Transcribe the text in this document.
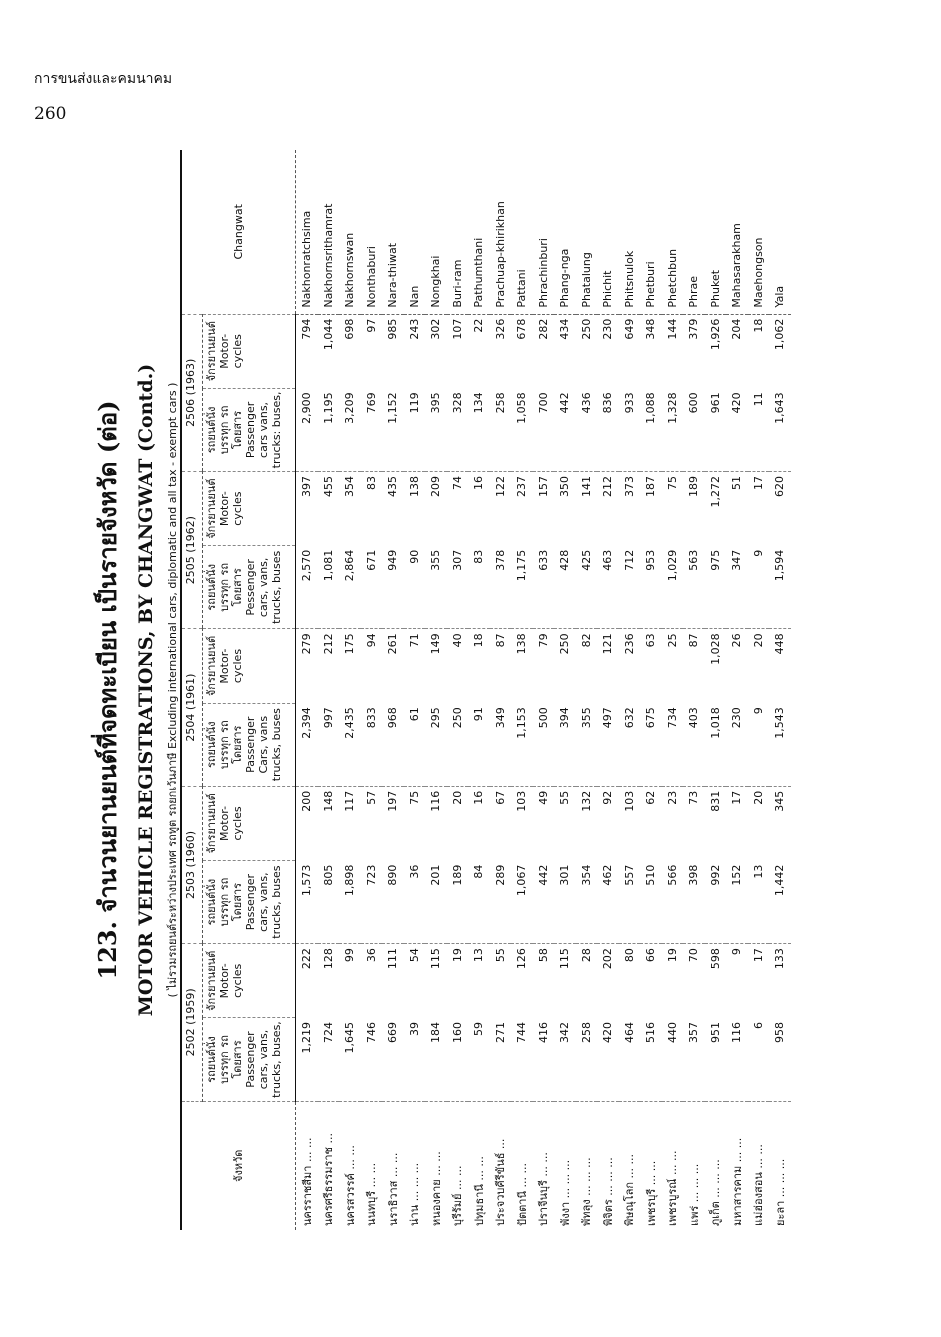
การขนส่งและคมนาคม
260
123. จำนวนยานยนต์ที่จดทะเบียน เป็นรายจังหวัด (ต่อ) MOTOR VEHICLE REGISTRATIONS, BY CHANGWAT (Contd.) ( ไม่รวมรถยนต์ระหว่างประเทศ รถทูต รถยกเว้นภาษี Excluding international cars, diplomatic and all tax - exempt cars )
จังหวัด	2502 (1959)		2503 (1960)		2504 (1961)		2505 (1962)		2506 (1963)		Changwat
	รถยนต์นั่ง บรรทุก รถโดยสาร Passenger cars, vans, trucks, buses,	จักรยานยนต์ Motor- cycles	รถยนต์นั่ง บรรทุก รถโดยสาร Passenger cars, vans, trucks, buses	จักรยานยนต์ Motor- cycles	รถยนต์นั่ง บรรทุก รถโดยสาร Passenger Cars, vans trucks, buses	จักรยานยนต์ Motor- cycles	รถยนต์นั่ง บรรทุก รถโดยสาร Pessenger cars, vans, trucks, buses	จักรยานยนต์ Motor- cycles	รถยนต์นั่ง บรรทุก รถโดยสาร Passenger cars vans, trucks: buses,	จักรยานยนต์ Motor- cycles	
นครราชสีมา ... ...	1,219	222	1,573	200	2,394	279	2,570	397	2,900	794	Nakhonratchsima
นครศรีธรรมราช ...	724	128	805	148	997	212	1,081	455	1,195	1,044	Nakhornsrithamrat
นครสวรรค์ ... ...	1,645	99	1,898	117	2,435	175	2,864	354	3,209	698	Nakhornswan
นนทบุรี ... ...	746	36	723	57	833	94	671	83	769	97	Nonthaburi
นราธิวาส ... ...	669	111	890	197	968	261	949	435	1,152	985	Nara-thiwat
น่าน ... ... ...	39	54	36	75	61	71	90	138	119	243	Nan
หนองคาย ... ...	184	115	201	116	295	149	355	209	395	302	Nongkhai
บุรีรัมย์ ... ...	160	19	189	20	250	40	307	74	328	107	Buri-ram
ปทุมธานี ... ...	59	13	84	16	91	18	83	16	134	22	Pathumthani
ประจวบคีรีขันธ์ ...	271	55	289	67	349	87	378	122	258	326	Prachuap-khirikhan
ปัตตานี ... ...	744	126	1,067	103	1,153	138	1,175	237	1,058	678	Pattani
ปราจีนบุรี ... ...	416	58	442	49	500	79	633	157	700	282	Phrachinburi
พังงา ... ... ...	342	115	301	55	394	250	428	350	442	434	Phang-nga
พัทลุง ... ... ...	258	28	354	132	355	82	425	141	436	250	Phatalung
พิจิตร ... ... ...	420	202	462	92	497	121	463	212	836	230	Phichit
พิษณุโลก ... ...	464	80	557	103	632	236	712	373	933	649	Phitsnulok
เพชรบุรี ... ...	516	66	510	62	675	63	953	187	1,088	348	Phetburi
เพชรบูรณ์ ... ...	440	19	566	23	734	25	1,029	75	1,328	144	Phetchbun
แพร่ ... ... ...	357	70	398	73	403	87	563	189	600	379	Phrae
ภูเก็ต ... ... ...	951	598	992	831	1,018	1,028	975	1,272	961	1,926	Phuket
มหาสารคาม ... ...	116	9	152	17	230	26	347	51	420	204	Mahasarakham
แม่ฮ่องสอน ... ...	6	17	13	20	9	20	9	17	11	18	Maehongson
ยะลา ... ... ...	958	133	1,442	345	1,543	448	1,594	620	1,643	1,062	Yala
